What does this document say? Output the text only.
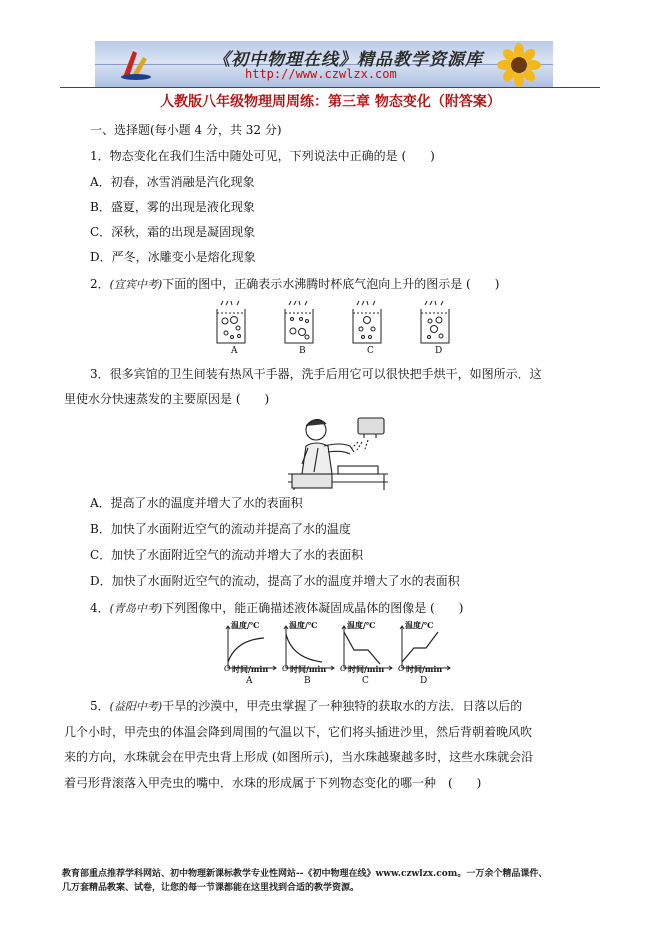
《初中物理在线》精品教学资源库
http://www.czwlzx.com
人教版八年级物理周周练：第三章 物态变化（附答案）
一、选择题(每小题 4 分，共 32 分)
1．物态变化在我们生活中随处可见，下列说法中正确的是 (　　)
A．初春，冰雪消融是汽化现象
B．盛夏，雾的出现是液化现象
C．深秋，霜的出现是凝固现象
D．严冬，冰雕变小是熔化现象
2．(宜宾中考)下面的图中，正确表示水沸腾时杯底气泡向上升的图示是 (　　)
A	B	C	D
3．很多宾馆的卫生间装有热风干手器，洗手后用它可以很快把手烘干，如图所示．这
里使水分快速蒸发的主要原因是 (　　)
A．提高了水的温度并增大了水的表面积
B．加快了水面附近空气的流动并提高了水的温度
C．加快了水面附近空气的流动并增大了水的表面积
D．加快了水面附近空气的流动，提高了水的温度并增大了水的表面积
4．(青岛中考)下列图像中，能正确描述液体凝固成晶体的图像是 (　　)
温度/℃
O 时间/min
A
温度/℃
O 时间/min
B
温度/℃
O 时间/min
C
温度/℃
O 时间/min
D
5．(益阳中考)干旱的沙漠中，甲壳虫掌握了一种独特的获取水的方法．日落以后的
几个小时，甲壳虫的体温会降到周围的气温以下，它们将头插进沙里，然后背朝着晚风吹
来的方向，水珠就会在甲壳虫背上形成 (如图所示)，当水珠越聚越多时，这些水珠就会沿
着弓形背滚落入甲壳虫的嘴中．水珠的形成属于下列物态变化的哪一种　(　　)
教育部重点推荐学科网站、初中物理新课标教学专业性网站--《初中物理在线》www.czwlzx.com。一万余个精品课件、
几万套精品教案、试卷，让您的每一节课都能在这里找到合适的教学资源。
